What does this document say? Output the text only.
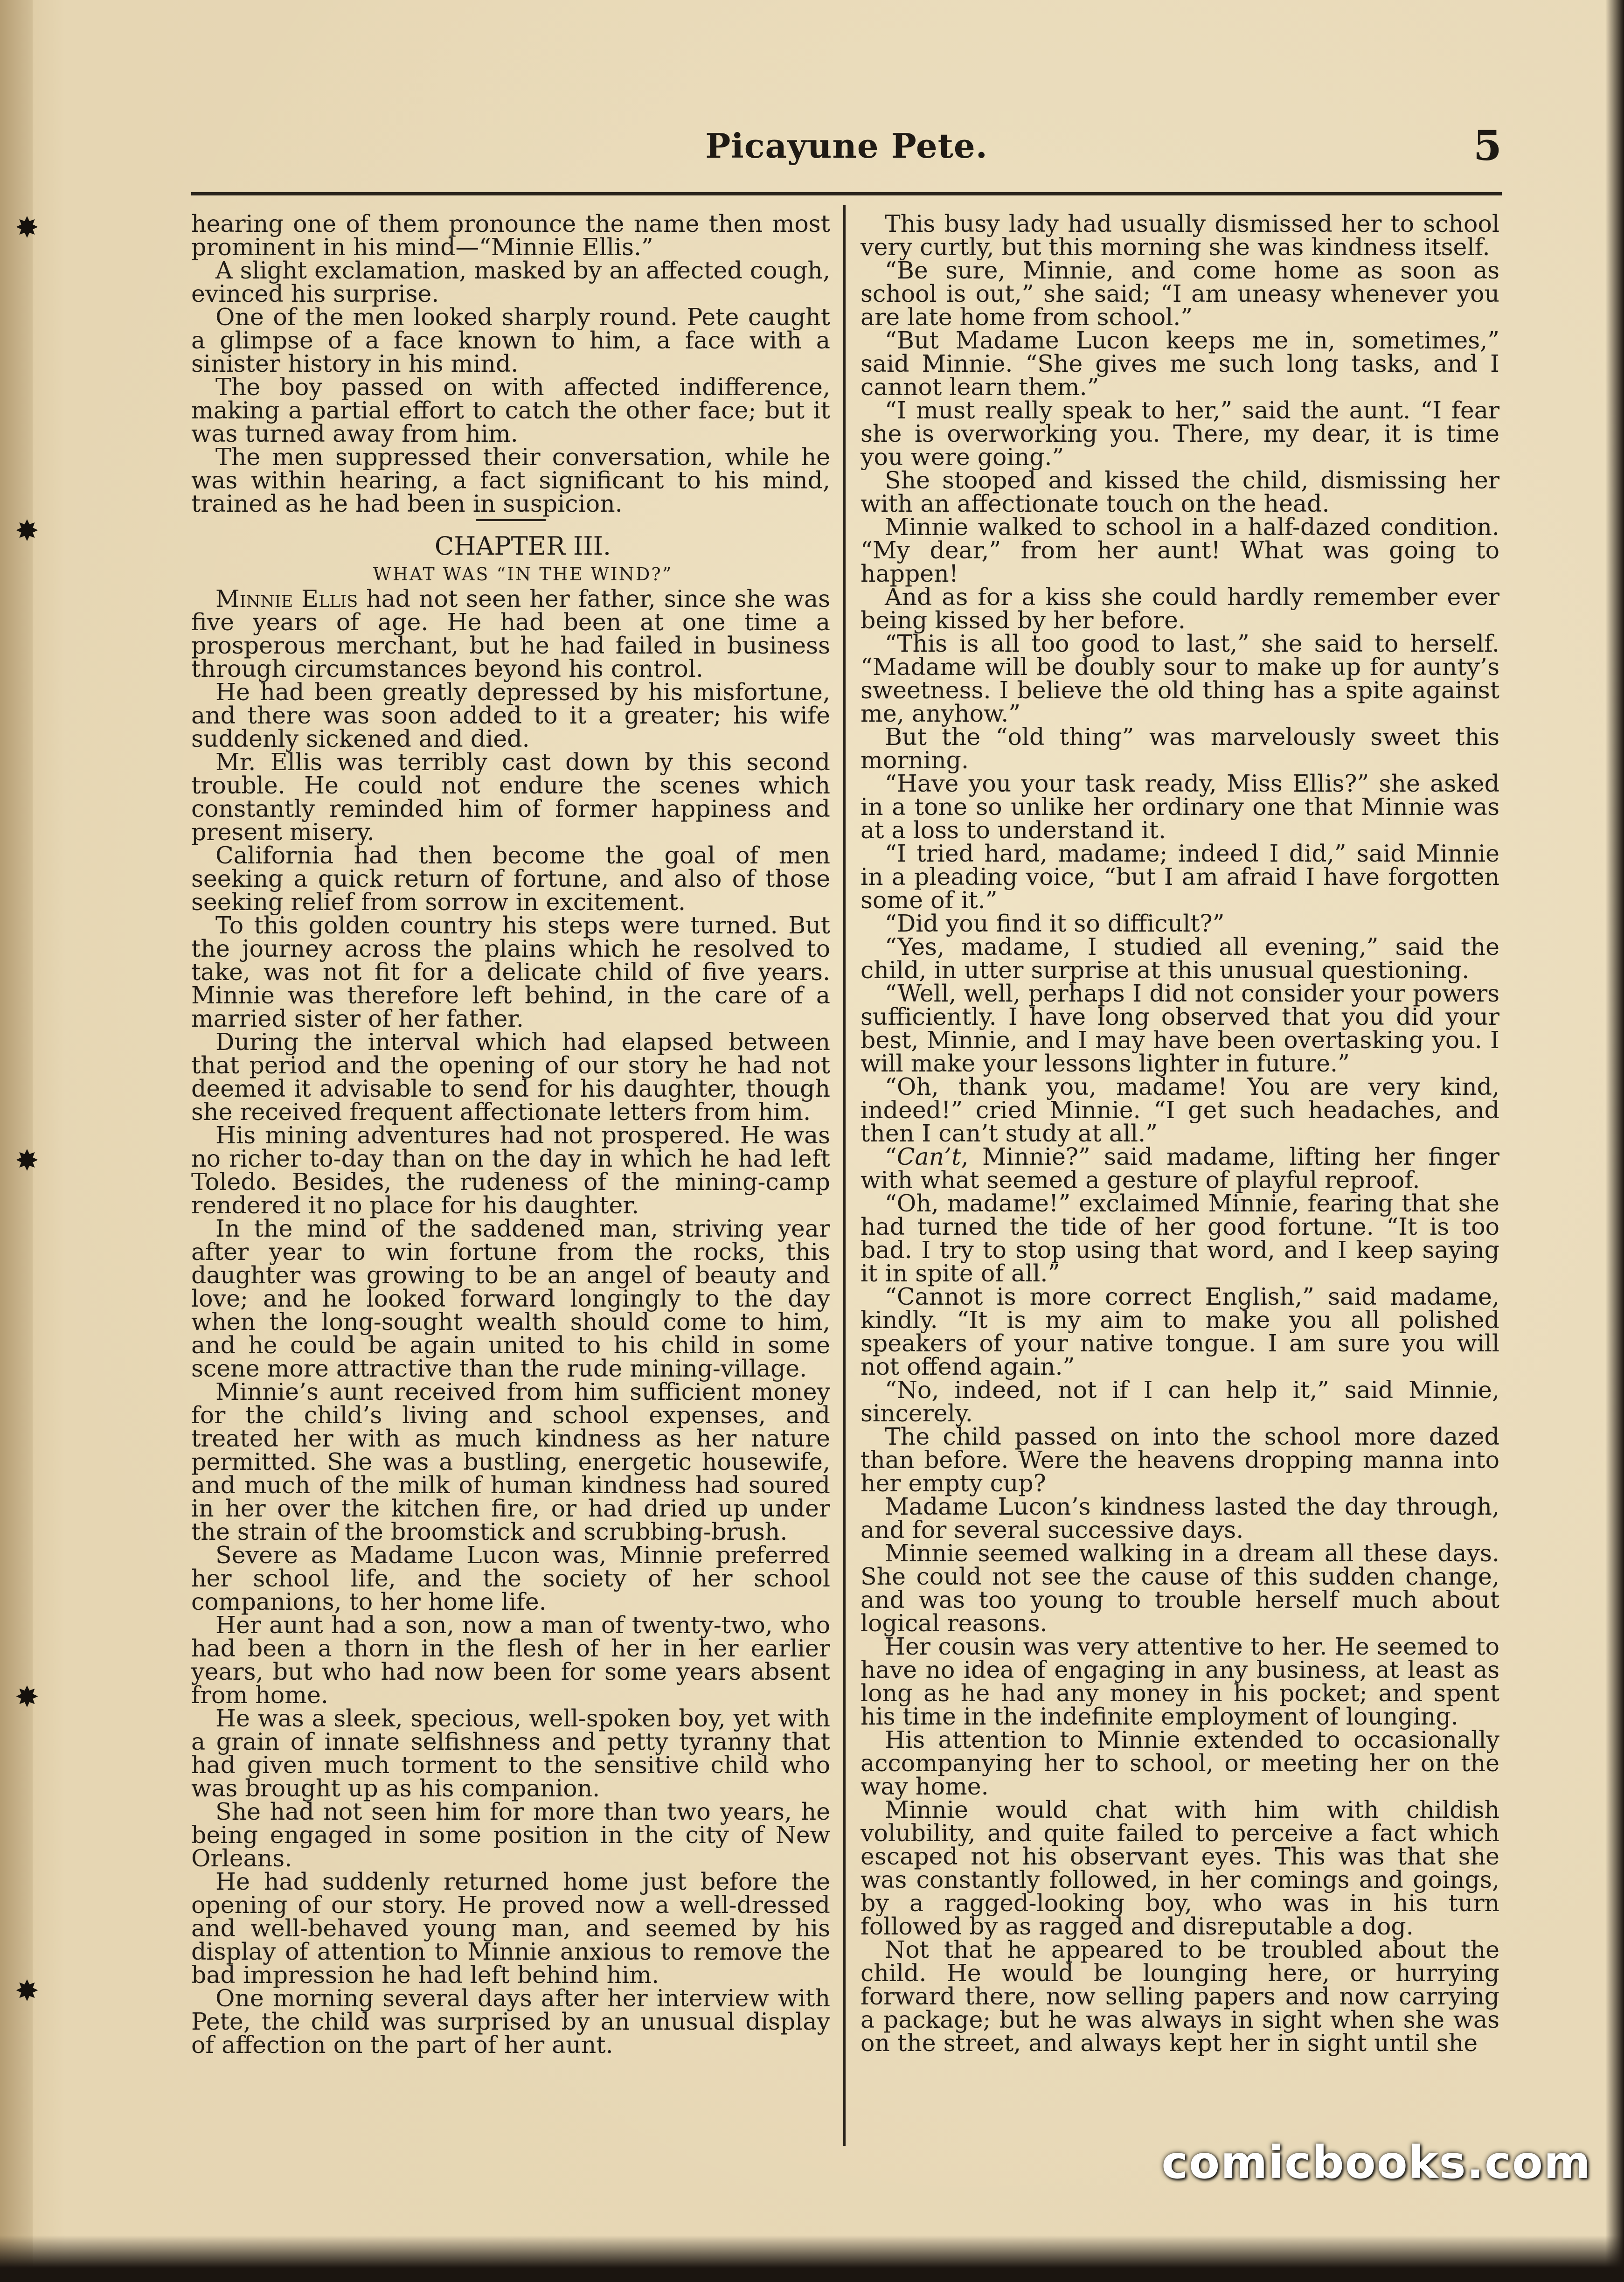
✸
✸
✸
✸
✸
Picayune Pete.	5

hearing one of them pronounce the name then most prominent in his mind—“Minnie Ellis.”

A slight exclamation, masked by an affected cough, evinced his surprise.

One of the men looked sharply round. Pete caught a glimpse of a face known to him, a face with a sinister history in his mind.

The boy passed on with affected indifference, making a partial effort to catch the other face; but it was turned away from him.

The men suppressed their conversation, while he was within hearing, a fact significant to his mind, trained as he had been in suspicion.

CHAPTER III.

WHAT WAS “IN THE WIND?”

Minnie Ellis had not seen her father, since she was five years of age. He had been at one time a prosperous merchant, but he had failed in business through circumstances beyond his control.

He had been greatly depressed by his misfortune, and there was soon added to it a greater; his wife suddenly sickened and died.

Mr. Ellis was terribly cast down by this second trouble. He could not endure the scenes which constantly reminded him of former happiness and present misery.

California had then become the goal of men seeking a quick return of fortune, and also of those seeking relief from sorrow in excitement.

To this golden country his steps were turned. But the journey across the plains which he resolved to take, was not fit for a delicate child of five years. Minnie was therefore left behind, in the care of a married sister of her father.

During the interval which had elapsed between that period and the opening of our story he had not deemed it advisable to send for his daughter, though she received frequent affectionate letters from him.

His mining adventures had not prospered. He was no richer to-day than on the day in which he had left Toledo. Besides, the rudeness of the mining-camp rendered it no place for his daughter.

In the mind of the saddened man, striving year after year to win fortune from the rocks, this daughter was growing to be an angel of beauty and love; and he looked forward longingly to the day when the long-sought wealth should come to him, and he could be again united to his child in some scene more attractive than the rude mining-village.

Minnie’s aunt received from him sufficient money for the child’s living and school expenses, and treated her with as much kindness as her nature permitted. She was a bustling, energetic housewife, and much of the milk of human kindness had soured in her over the kitchen fire, or had dried up under the strain of the broomstick and scrubbing-brush.

Severe as Madame Lucon was, Minnie preferred her school life, and the society of her school companions, to her home life.

Her aunt had a son, now a man of twenty-two, who had been a thorn in the flesh of her in her earlier years, but who had now been for some years absent from home.

He was a sleek, specious, well-spoken boy, yet with a grain of innate selfishness and petty tyranny that had given much torment to the sensitive child who was brought up as his companion.

She had not seen him for more than two years, he being engaged in some position in the city of New Orleans.

He had suddenly returned home just before the opening of our story. He proved now a well-dressed and well-behaved young man, and seemed by his display of attention to Minnie anxious to remove the bad impression he had left behind him.

One morning several days after her interview with Pete, the child was surprised by an unusual display of affection on the part of her aunt.

This busy lady had usually dismissed her to school very curtly, but this morning she was kindness itself.

“Be sure, Minnie, and come home as soon as school is out,” she said; “I am uneasy whenever you are late home from school.”

“But Madame Lucon keeps me in, sometimes,” said Minnie. “She gives me such long tasks, and I cannot learn them.”

“I must really speak to her,” said the aunt. “I fear she is overworking you. There, my dear, it is time you were going.”

She stooped and kissed the child, dismissing her with an affectionate touch on the head.

Minnie walked to school in a half-dazed condition. “My dear,” from her aunt! What was going to happen!

And as for a kiss she could hardly remember ever being kissed by her before.

“This is all too good to last,” she said to herself. “Madame will be doubly sour to make up for aunty’s sweetness. I believe the old thing has a spite against me, anyhow.”

But the “old thing” was marvelously sweet this morning.

“Have you your task ready, Miss Ellis?” she asked in a tone so unlike her ordinary one that Minnie was at a loss to understand it.

“I tried hard, madame; indeed I did,” said Minnie in a pleading voice, “but I am afraid I have forgotten some of it.”

“Did you find it so difficult?”

“Yes, madame, I studied all evening,” said the child, in utter surprise at this unusual questioning.

“Well, well, perhaps I did not consider your powers sufficiently. I have long observed that you did your best, Minnie, and I may have been overtasking you. I will make your lessons lighter in future.”

“Oh, thank you, madame! You are very kind, indeed!” cried Minnie. “I get such headaches, and then I can’t study at all.”

“Can’t, Minnie?” said madame, lifting her finger with what seemed a gesture of playful reproof.

“Oh, madame!” exclaimed Minnie, fearing that she had turned the tide of her good fortune. “It is too bad. I try to stop using that word, and I keep saying it in spite of all.”

“Cannot is more correct English,” said madame, kindly. “It is my aim to make you all polished speakers of your native tongue. I am sure you will not offend again.”

“No, indeed, not if I can help it,” said Minnie, sincerely.

The child passed on into the school more dazed than before. Were the heavens dropping manna into her empty cup?

Madame Lucon’s kindness lasted the day through, and for several successive days.

Minnie seemed walking in a dream all these days. She could not see the cause of this sudden change, and was too young to trouble herself much about logical reasons.

Her cousin was very attentive to her. He seemed to have no idea of engaging in any business, at least as long as he had any money in his pocket; and spent his time in the indefinite employment of lounging.

His attention to Minnie extended to occasionally accompanying her to school, or meeting her on the way home.

Minnie would chat with him with childish volubility, and quite failed to perceive a fact which escaped not his observant eyes. This was that she was constantly followed, in her comings and goings, by a ragged-looking boy, who was in his turn followed by as ragged and disreputable a dog.

Not that he appeared to be troubled about the child. He would be lounging here, or hurrying forward there, now selling papers and now carrying a package; but he was always in sight when she was on the street, and always kept her in sight until she

comicbooks.com
